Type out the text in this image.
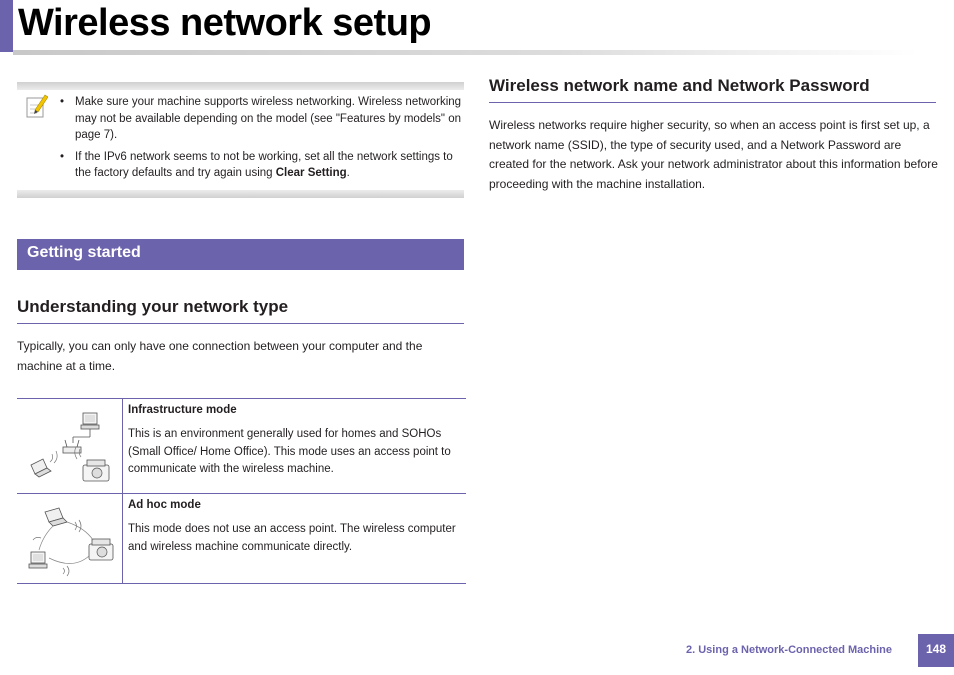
Wireless network setup
• Make sure your machine supports wireless networking. Wireless networking may not be available depending on the model (see "Features by models" on page 7).
• If the IPv6 network seems to not be working, set all the network settings to the factory defaults and try again using Clear Setting.
Getting started
Understanding your network type
Typically, you can only have one connection between your computer and the machine at a time.
Infrastructure mode
This is an environment generally used for homes and SOHOs (Small Office/ Home Office). This mode uses an access point to communicate with the wireless machine.
Ad hoc mode
This mode does not use an access point. The wireless computer and wireless machine communicate directly.
Wireless network name and Network Password
Wireless networks require higher security, so when an access point is first set up, a network name (SSID), the type of security used, and a Network Password are created for the network. Ask your network administrator about this information before proceeding with the machine installation.
2. Using a Network-Connected Machine	148
